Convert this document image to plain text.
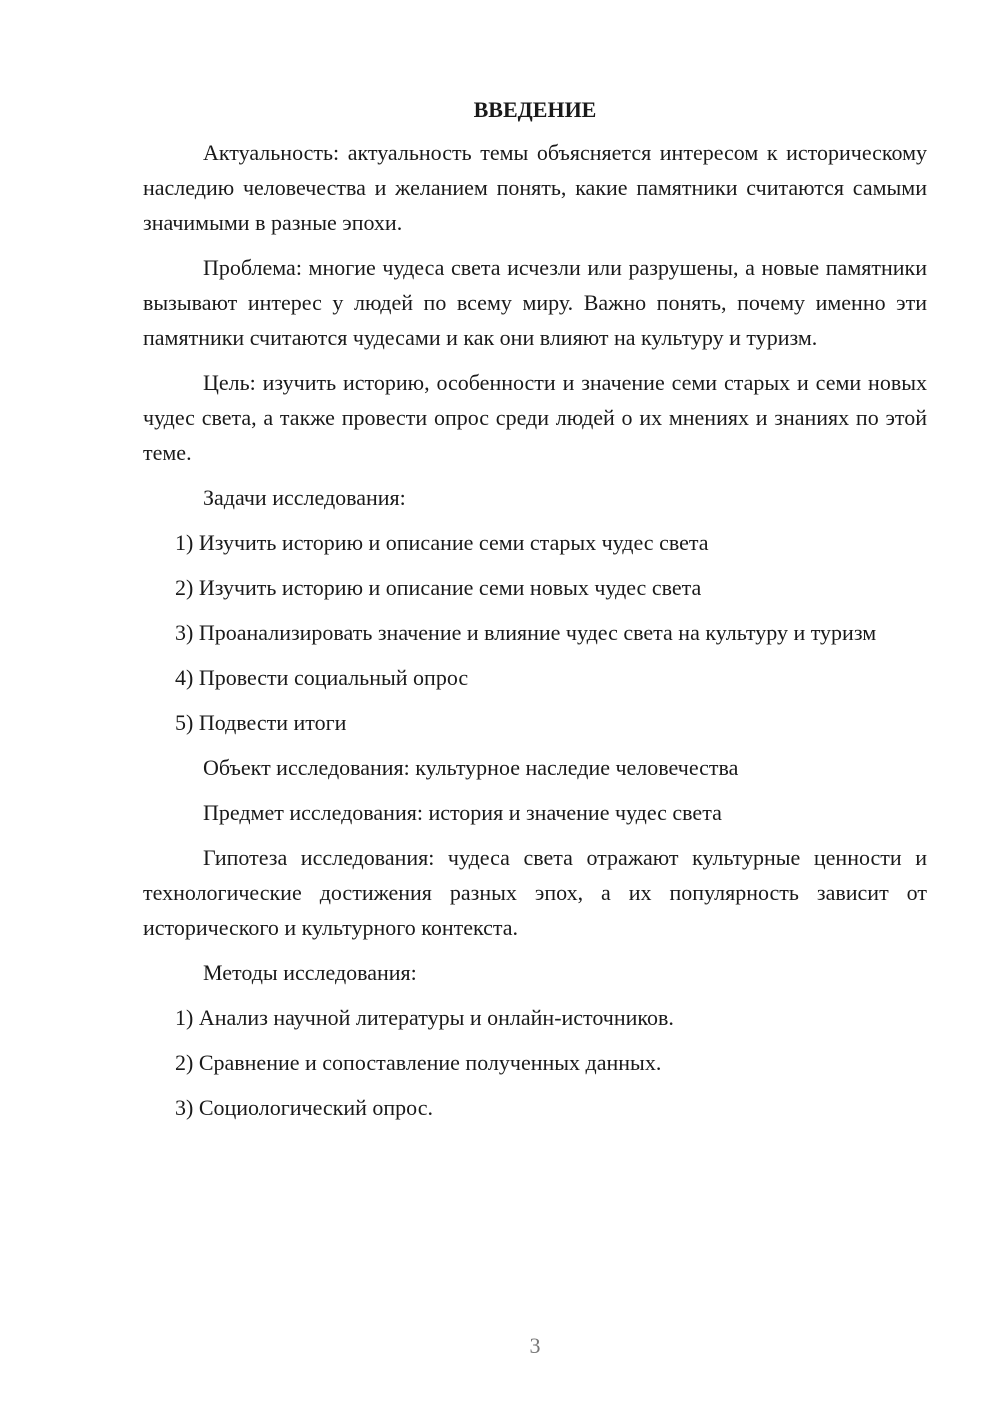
ВВЕДЕНИЕ

Актуальность: актуальность темы объясняется интересом к историческому наследию человечества и желанием понять, какие памятники считаются самыми значимыми в разные эпохи.

Проблема: многие чудеса света исчезли или разрушены, а новые памятники вызывают интерес у людей по всему миру. Важно понять, почему именно эти памятники считаются чудесами и как они влияют на культуру и туризм.

Цель: изучить историю, особенности и значение семи старых и семи новых чудес света, а также провести опрос среди людей о их мнениях и знаниях по этой теме.

Задачи исследования:

1) Изучить историю и описание семи старых чудес света

2) Изучить историю и описание семи новых чудес света

3) Проанализировать значение и влияние чудес света на культуру и туризм

4) Провести социальный опрос

5) Подвести итоги

Объект исследования: культурное наследие человечества

Предмет исследования: история и значение чудес света

Гипотеза исследования: чудеса света отражают культурные ценности и технологические достижения разных эпох, а их популярность зависит от исторического и культурного контекста.

Методы исследования:

1) Анализ научной литературы и онлайн-источников.

2) Сравнение и сопоставление полученных данных.

3) Социологический опрос.

3
